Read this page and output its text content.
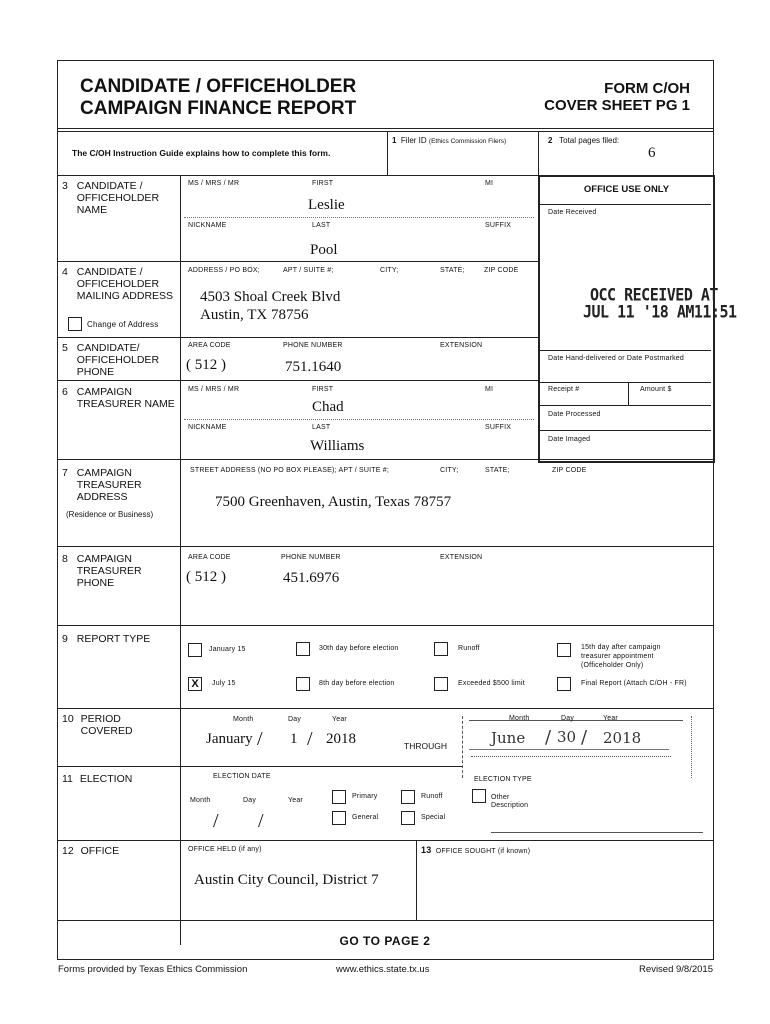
CANDIDATE / OFFICEHOLDER
CAMPAIGN FINANCE REPORT
FORM C/OH
COVER SHEET PG 1
The C/OH Instruction Guide explains how to complete this form.
1 Filer ID (Ethics Commission Filers)	2 Total pages filed:
6
OFFICE USE ONLY
Date Received
OCC RECEIVED AT
JUL 11 '18 AM11:51
Date Hand-delivered or Date Postmarked
Receipt #	Amount $
Date Processed
Date Imaged
3 CANDIDATE / OFFICEHOLDER NAME
MS / MRS / MR	FIRST	MI
Leslie
NICKNAME	LAST	SUFFIX
Pool
4 CANDIDATE / OFFICEHOLDER MAILING ADDRESS
Change of Address
ADDRESS / PO BOX;	APT / SUITE #;	CITY;	STATE;	ZIP CODE
4503 Shoal Creek Blvd
Austin, TX 78756
5 CANDIDATE/ OFFICEHOLDER PHONE
AREA CODE	PHONE NUMBER	EXTENSION
( 512 )	751.1640
6 CAMPAIGN TREASURER NAME
MS / MRS / MR	FIRST	MI
Chad
NICKNAME	LAST	SUFFIX
Williams
7 CAMPAIGN TREASURER ADDRESS
(Residence or Business)
STREET ADDRESS (NO PO BOX PLEASE); APT / SUITE #;	CITY;	STATE;	ZIP CODE
7500 Greenhaven, Austin, Texas 78757
8 CAMPAIGN TREASURER PHONE
AREA CODE	PHONE NUMBER	EXTENSION
( 512 )	451.6976
9 REPORT TYPE
January 15	30th day before election	Runoff	15th day after campaign treasurer appointment (Officeholder Only)
X	July 15	8th day before election	Exceeded $500 limit	Final Report (Attach C/OH - FR)
10 PERIOD COVERED
Month	Day	Year
January / 1 / 2018	THROUGH
Month	Day	Year
June / 30 / 2018
11 ELECTION	ELECTION DATE
Month	Day	Year
/ /
Primary	Runoff
General	Special
ELECTION TYPE
Other
Description
12 OFFICE	OFFICE HELD (if any)
Austin City Council, District 7
13 OFFICE SOUGHT (if known)
GO TO PAGE 2
Forms provided by Texas Ethics Commission	www.ethics.state.tx.us	Revised 9/8/2015
